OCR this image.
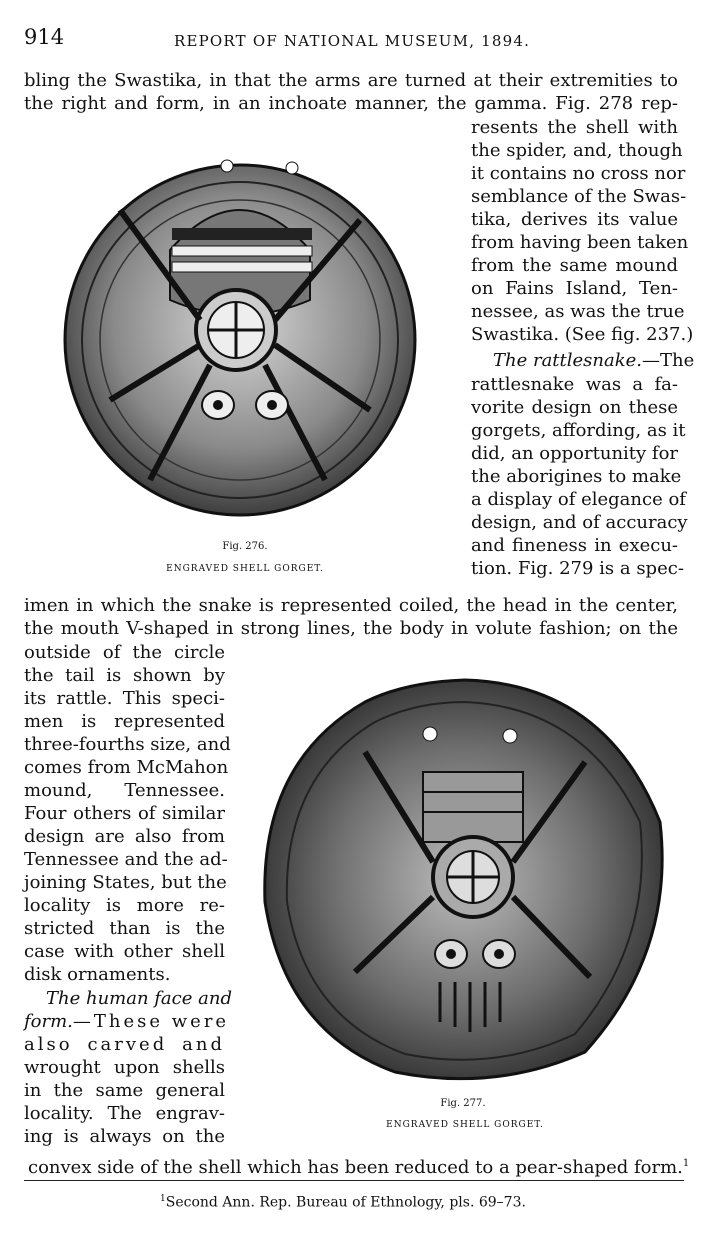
914	REPORT OF NATIONAL MUSEUM, 1894.
bling the Swastika, in that the arms are turned at their extremities to
the right and form, in an inchoate manner, the gamma. Fig. 278 rep-
Fig. 276.
ENGRAVED SHELL GORGET.
resents the shell with
the spider, and, though
it contains no cross nor
semblance of the Swas-
tika, derives its value
from having been taken
from the same mound
on Fains Island, Ten-
nessee, as was the true
Swastika. (See fig. 237.)
The rattlesnake. —The
rattlesnake was a fa-
vorite design on these
gorgets, affording, as it
did, an opportunity for
the aborigines to make
a display of elegance of
design, and of accuracy
and fineness in execu-
tion. Fig. 279 is a spec-
imen in which the snake is represented coiled, the head in the center,
the mouth V-shaped in strong lines, the body in volute fashion; on the
outside of the circle
the tail is shown by
its rattle. This speci-
men is represented
three-fourths size, and
comes from McMahon
mound, Tennessee.
Four others of similar
design are also from
Tennessee and the ad-
joining States, but the
locality is more re-
stricted than is the
case with other shell
disk ornaments.
The human face and
form. —These were
also carved and
wrought upon shells
in the same general
locality. The engrav-
ing is always on the
Fig. 277.
ENGRAVED SHELL GORGET.
convex side of the shell which has been reduced to a pear-shaped form.$^1$
$^1$Second Ann. Rep. Bureau of Ethnology, pls. 69–73.
